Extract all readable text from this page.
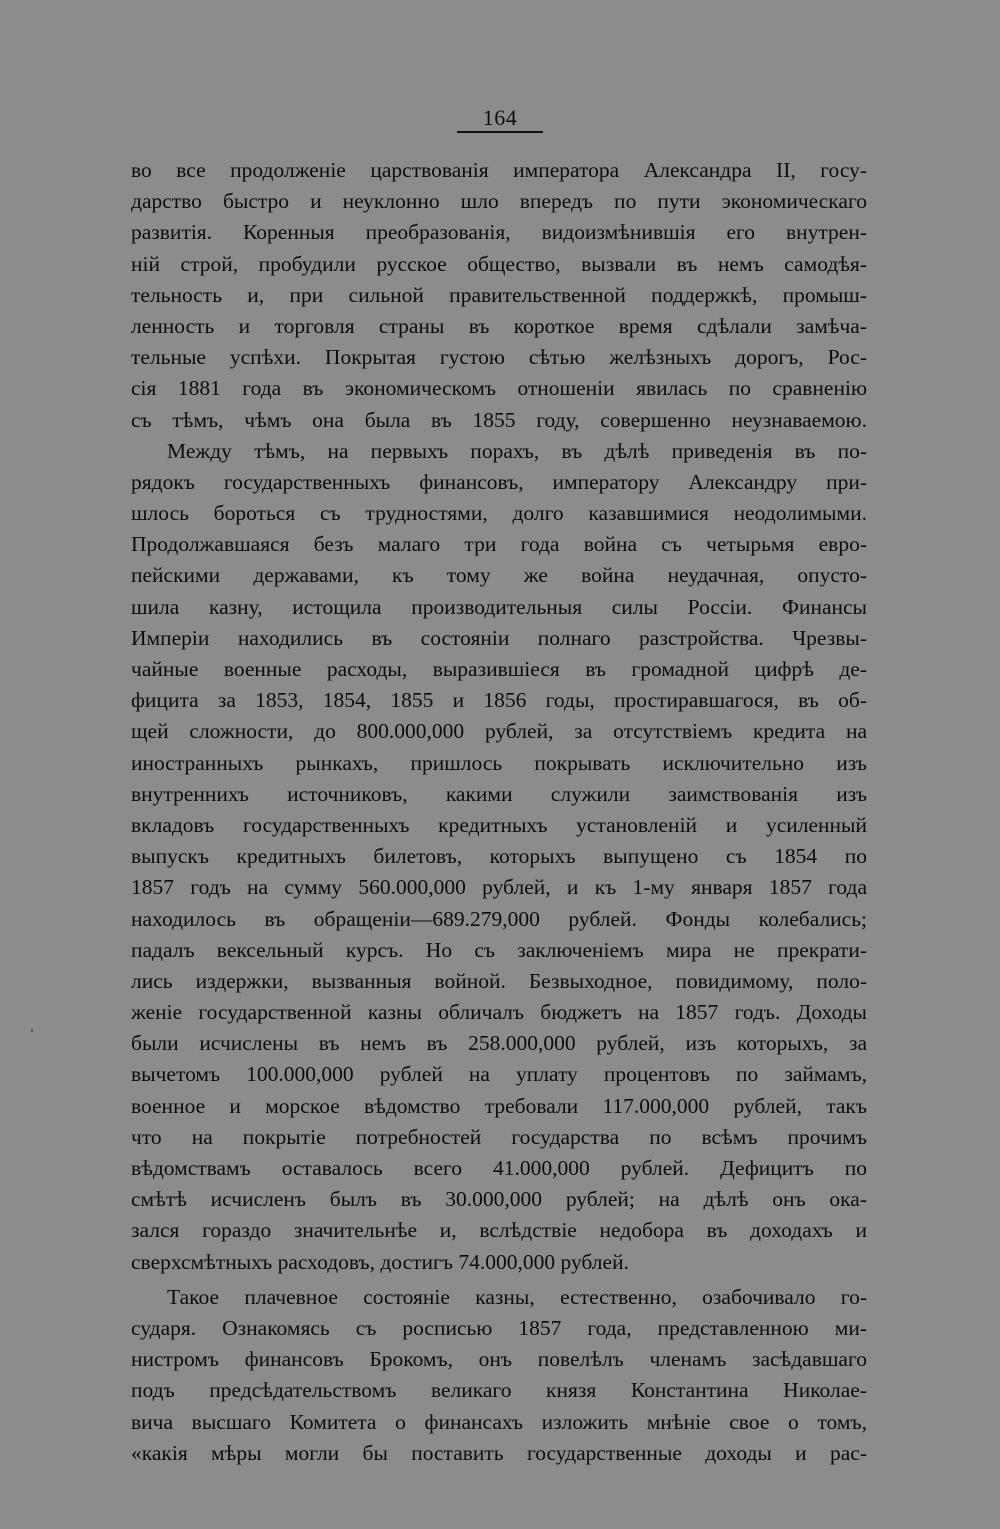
164
во все продолженіе царствованія императора Александра II, госу-
дарство быстро и неуклонно шло впередъ по пути экономическаго
развитія. Коренныя преобразованія, видоизмѣнившія его внутрен-
ній строй, пробудили русское общество, вызвали въ немъ самодѣя-
тельность и, при сильной правительственной поддержкѣ, промыш-
ленность и торговля страны въ короткое время сдѣлали замѣча-
тельные успѣхи. Покрытая густою сѣтью желѣзныхъ дорогъ, Рос-
сія 1881 года въ экономическомъ отношеніи явилась по сравненію
съ тѣмъ, чѣмъ она была въ 1855 году, совершенно неузнаваемою.
Между тѣмъ, на первыхъ порахъ, въ дѣлѣ приведенія въ по-
рядокъ государственныхъ финансовъ, императору Александру при-
шлось бороться съ трудностями, долго казавшимися неодолимыми.
Продолжавшаяся безъ малаго три года война съ четырьмя евро-
пейскими державами, къ тому же война неудачная, опусто-
шила казну, истощила производительныя силы Россіи. Финансы
Имперіи находились въ состояніи полнаго разстройства. Чрезвы-
чайные военные расходы, выразившіеся въ громадной цифрѣ де-
фицита за 1853, 1854, 1855 и 1856 годы, простиравшагося, въ об-
щей сложности, до 800.000,000 рублей, за отсутствіемъ кредита на
иностранныхъ рынкахъ, пришлось покрывать исключительно изъ
внутреннихъ источниковъ, какими служили заимствованія изъ
вкладовъ государственныхъ кредитныхъ установленій и усиленный
выпускъ кредитныхъ билетовъ, которыхъ выпущено съ 1854 по
1857 годъ на сумму 560.000,000 рублей, и къ 1-му января 1857 года
находилось въ обращеніи—689.279,000 рублей. Фонды колебались;
падалъ вексельный курсъ. Но съ заключеніемъ мира не прекрати-
лись издержки, вызванныя войной. Безвыходное, повидимому, поло-
женіе государственной казны обличалъ бюджетъ на 1857 годъ. Доходы
были исчислены въ немъ въ 258.000,000 рублей, изъ которыхъ, за
вычетомъ 100.000,000 рублей на уплату процентовъ по займамъ,
военное и морское вѣдомство требовали 117.000,000 рублей, такъ
что на покрытіе потребностей государства по всѣмъ прочимъ
вѣдомствамъ оставалось всего 41.000,000 рублей. Дефицитъ по
смѣтѣ исчисленъ былъ въ 30.000,000 рублей; на дѣлѣ онъ ока-
зался гораздо значительнѣе и, вслѣдствіе недобора въ доходахъ и
сверхсмѣтныхъ расходовъ, достигъ 74.000,000 рублей.
Такое плачевное состояніе казны, естественно, озабочивало го-
сударя. Ознакомясь съ росписью 1857 года, представленною ми-
нистромъ финансовъ Брокомъ, онъ повелѣлъ членамъ засѣдавшаго
подъ предсѣдательствомъ великаго князя Константина Николае-
вича высшаго Комитета о финансахъ изложить мнѣніе свое о томъ,
«какія мѣры могли бы поставить государственные доходы и рас-
